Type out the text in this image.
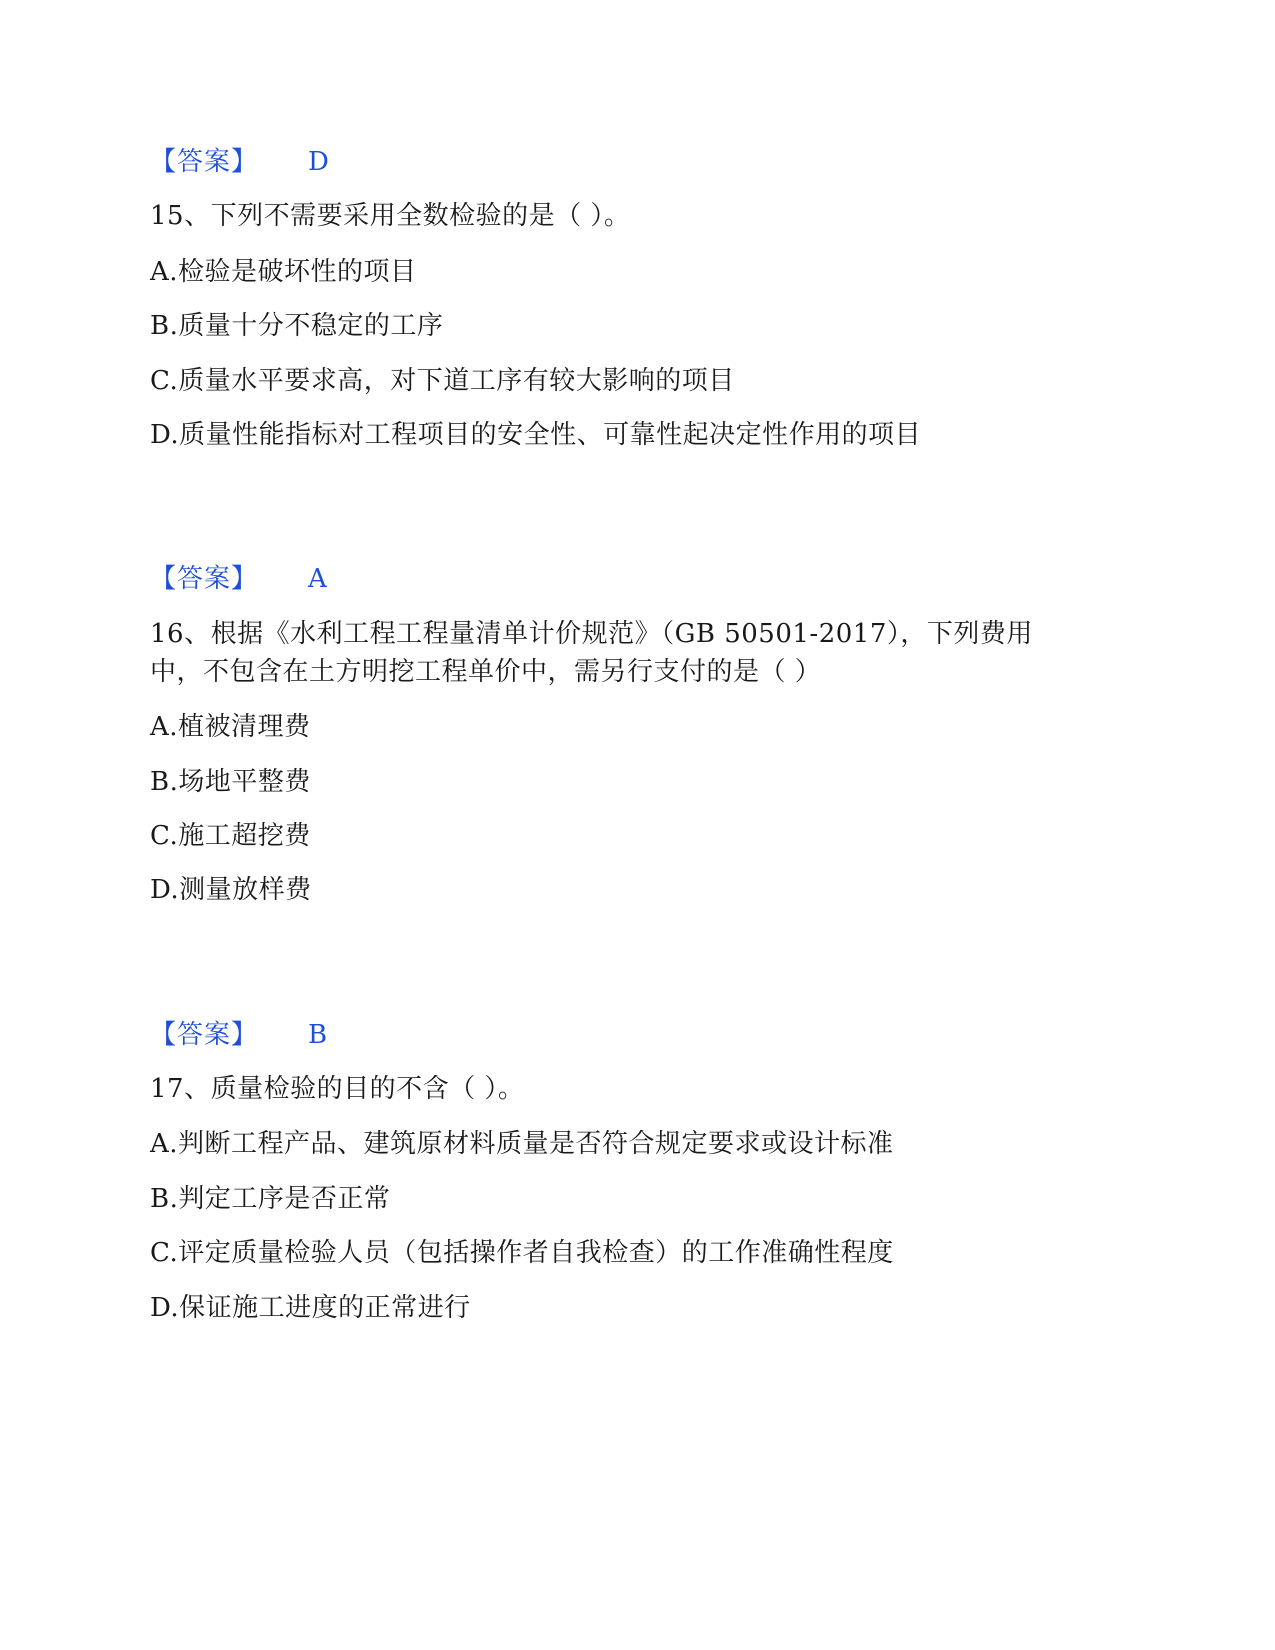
【答案】 D
15、下列不需要采用全数检验的是（ ）。
A.检验是破坏性的项目
B.质量十分不稳定的工序
C.质量水平要求高，对下道工序有较大影响的项目
D.质量性能指标对工程项目的安全性、可靠性起决定性作用的项目
【答案】 A
16、根据《水利工程工程量清单计价规范》（GB 50501-2017），下列费用
中，不包含在土方明挖工程单价中，需另行支付的是（ ）
A.植被清理费
B.场地平整费
C.施工超挖费
D.测量放样费
【答案】 B
17、质量检验的目的不含（ ）。
A.判断工程产品、建筑原材料质量是否符合规定要求或设计标准
B.判定工序是否正常
C.评定质量检验人员（包括操作者自我检查）的工作准确性程度
D.保证施工进度的正常进行
